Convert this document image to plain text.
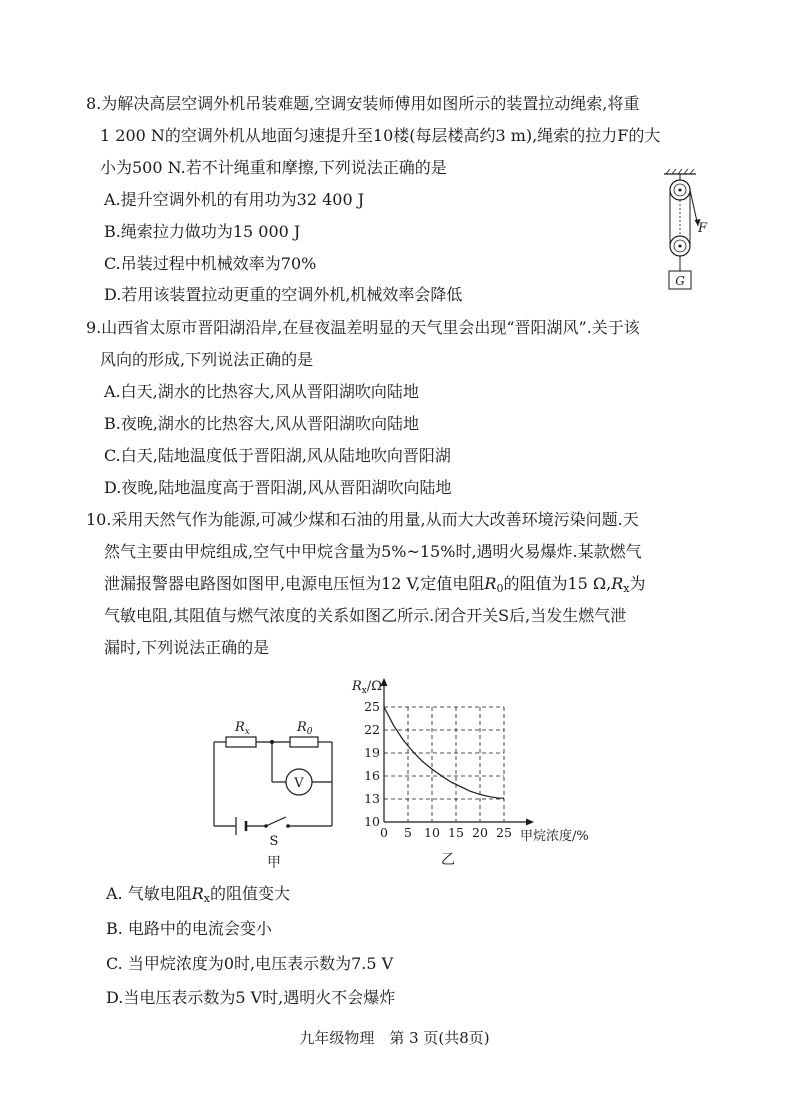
8.为解决高层空调外机吊装难题,空调安装师傅用如图所示的装置拉动绳索,将重
1 200 N的空调外机从地面匀速提升至10楼(每层楼高约3 m),绳索的拉力F的大
小为500 N.若不计绳重和摩擦,下列说法正确的是
A.提升空调外机的有用功为32 400 J
B.绳索拉力做功为15 000 J
C.吊装过程中机械效率为70%
D.若用该装置拉动更重的空调外机,机械效率会降低
F
G
9.山西省太原市晋阳湖沿岸,在昼夜温差明显的天气里会出现“晋阳湖风”.关于该
风向的形成,下列说法正确的是
A.白天,湖水的比热容大,风从晋阳湖吹向陆地
B.夜晚,湖水的比热容大,风从晋阳湖吹向陆地
C.白天,陆地温度低于晋阳湖,风从陆地吹向晋阳湖
D.夜晚,陆地温度高于晋阳湖,风从晋阳湖吹向陆地
10.采用天然气作为能源,可减少煤和石油的用量,从而大大改善环境污染问题.天
然气主要由甲烷组成,空气中甲烷含量为5%~15%时,遇明火易爆炸.某款燃气
泄漏报警器电路图如图甲,电源电压恒为12 V,定值电阻$R_0$的阻值为15 $\Omega,R_x$为
气敏电阻,其阻值与燃气浓度的关系如图乙所示.闭合开关S后,当发生燃气泄
漏时,下列说法正确的是
$R_x$	$R_0$
V
S
甲
0 5 10 15 20 25
10
13
16
19
22
25
$R_x/\Omega$
甲烷浓度/%
乙
A. 气敏电阻$R_x$的阻值变大
B. 电路中的电流会变小
C. 当甲烷浓度为0时,电压表示数为7.5 V
D.当电压表示数为5 V时,遇明火不会爆炸
九年级物理　第 3 页(共8页)
